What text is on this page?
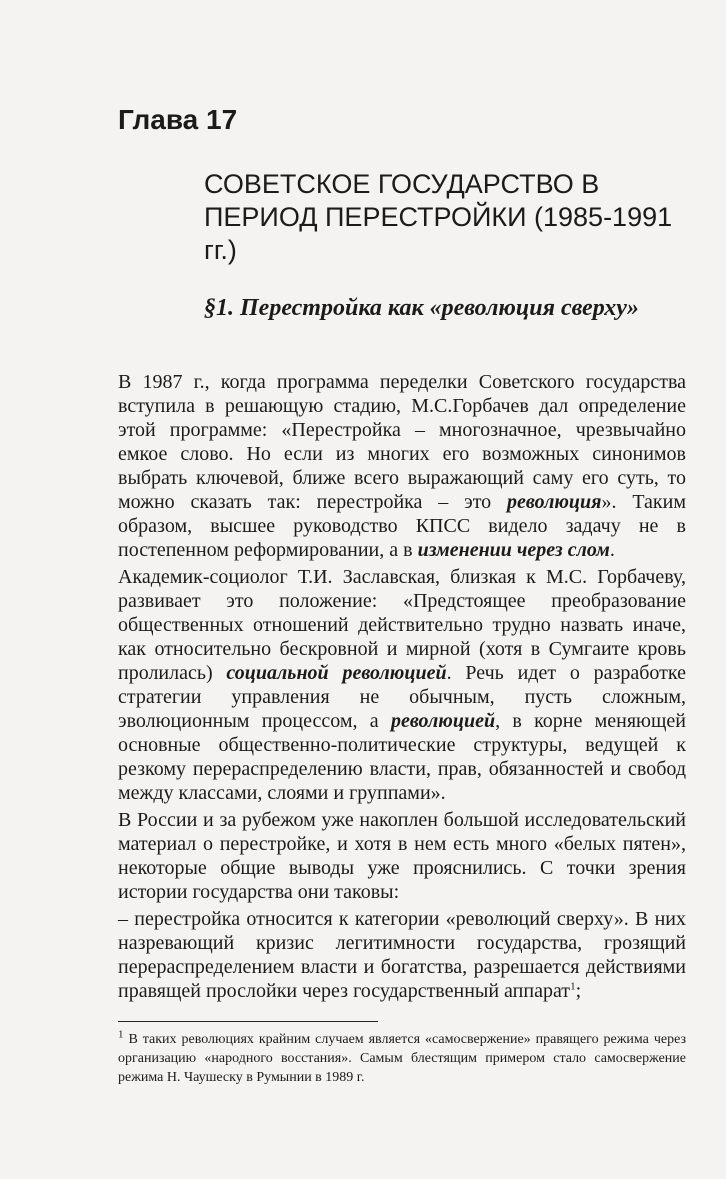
Глава 17
СОВЕТСКОЕ ГОСУДАРСТВО В ПЕРИОД ПЕРЕСТРОЙКИ (1985-1991 гг.)
§1. Перестройка как «революция сверху»

В 1987 г., когда программа переделки Советского государства вступила в решающую стадию, М.С.Горбачев дал определение этой программе: «Перестройка – многозначное, чрезвычайно емкое слово. Но если из многих его возможных синонимов выбрать ключевой, ближе всего выражающий саму его суть, то можно сказать так: перестройка – это революция». Таким образом, высшее руководство КПСС видело задачу не в постепенном реформировании, а в изменении через слом.

Академик-социолог Т.И. Заславская, близкая к М.С. Горбачеву, развивает это положение: «Предстоящее преобразование общественных отношений действительно трудно назвать иначе, как относительно бескровной и мирной (хотя в Сумгаите кровь пролилась) социальной революцией. Речь идет о разработке стратегии управления не обычным, пусть сложным, эволюционным процессом, а революцией, в корне меняющей основные общественно-политические структуры, ведущей к резкому перераспределению власти, прав, обязанностей и свобод между классами, слоями и группами».

В России и за рубежом уже накоплен большой исследовательский материал о перестройке, и хотя в нем есть много «белых пятен», некоторые общие выводы уже прояснились. С точки зрения истории государства они таковы:

– перестройка относится к категории «революций сверху». В них назревающий кризис легитимности государства, грозящий перераспределением власти и богатства, разрешается действиями правящей прослойки через государственный аппарат$^1$;

$^1$ В таких революциях крайним случаем является «самосвержение» правящего режима через организацию «народного восстания». Самым блестящим примером стало самосвержение режима Н. Чаушеску в Румынии в 1989 г.
